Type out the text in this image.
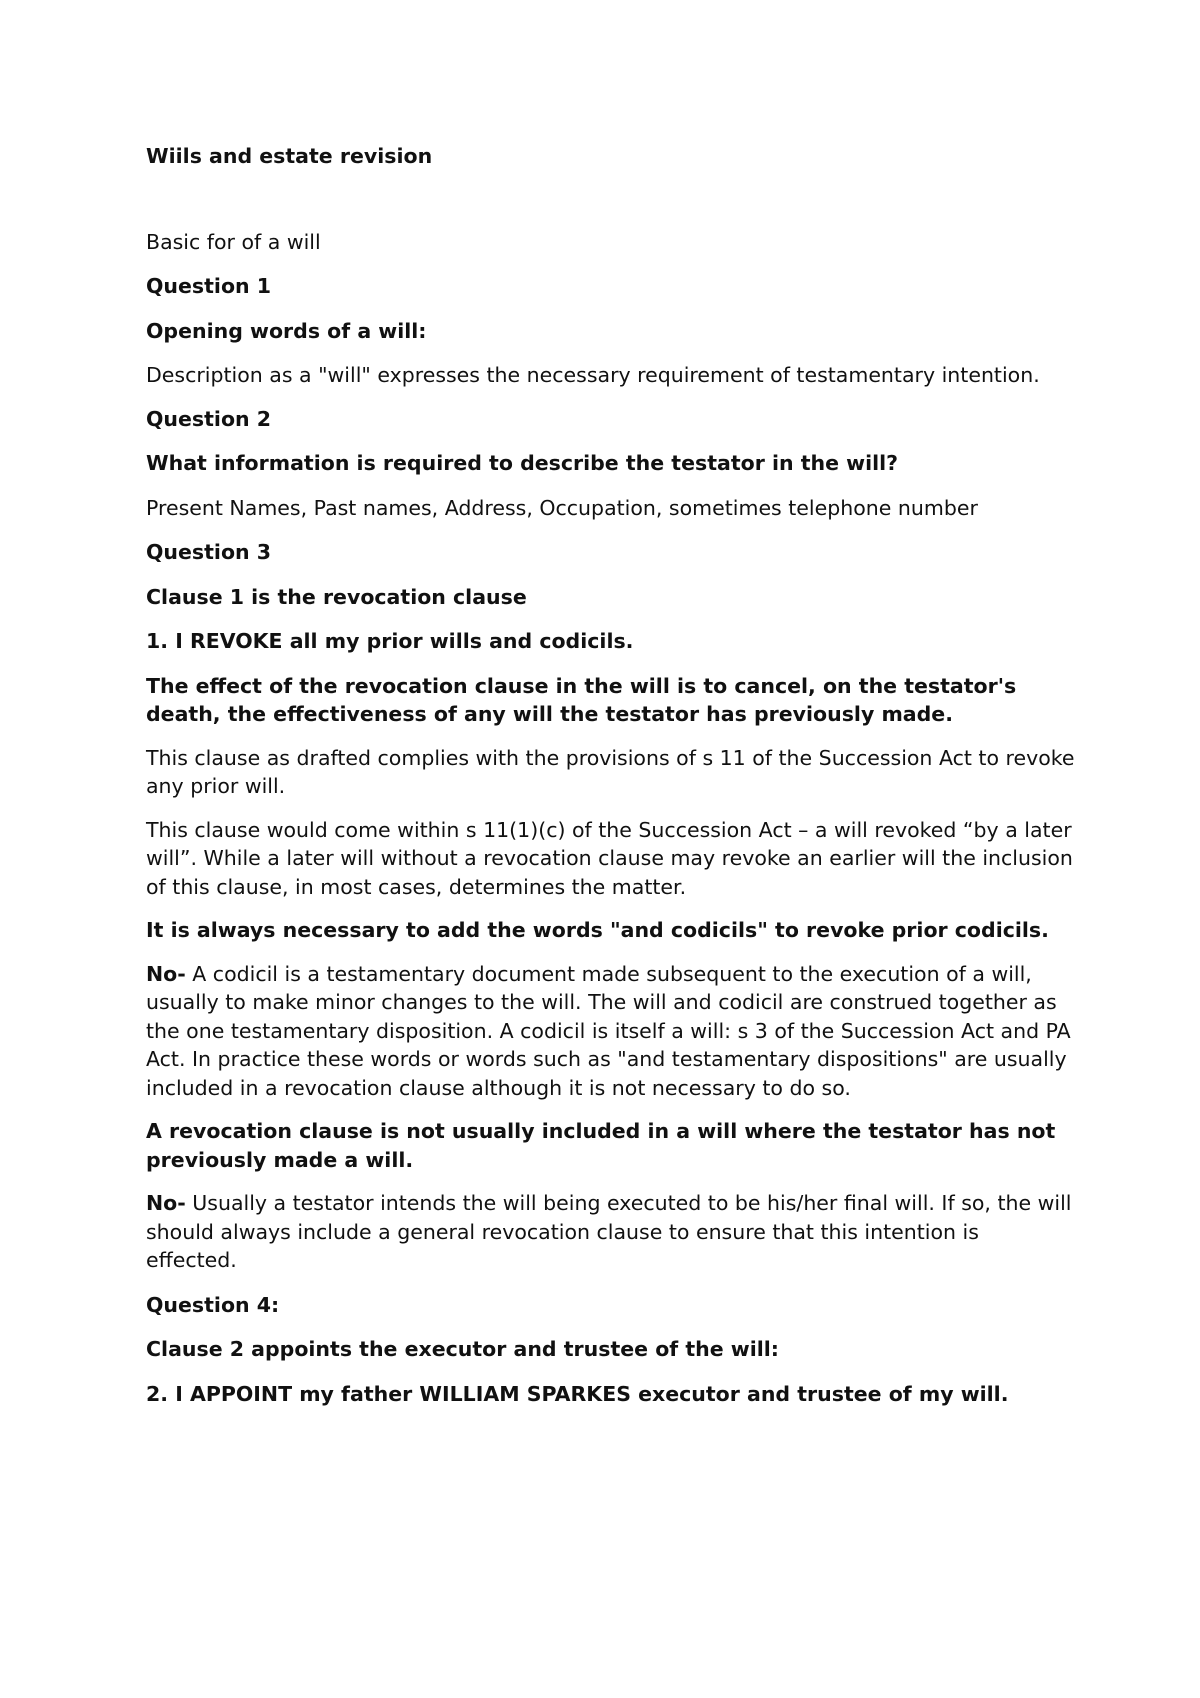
Wiils and estate revision

Basic for of a will

Question 1

Opening words of a will:

Description as a "will" expresses the necessary requirement of testamentary intention.

Question 2

What information is required to describe the testator in the will?

Present Names, Past names, Address, Occupation, sometimes telephone number

Question 3

Clause 1 is the revocation clause

1. I REVOKE all my prior wills and codicils.

The effect of the revocation clause in the will is to cancel, on the testator's death, the effectiveness of any will the testator has previously made.

This clause as drafted complies with the provisions of s 11 of the Succession Act to revoke any prior will.

This clause would come within s 11(1)(c) of the Succession Act – a will revoked “by a later will”. While a later will without a revocation clause may revoke an earlier will the inclusion of this clause, in most cases, determines the matter.

It is always necessary to add the words "and codicils" to revoke prior codicils.

No- A codicil is a testamentary document made subsequent to the execution of a will, usually to make minor changes to the will. The will and codicil are construed together as the one testamentary disposition. A codicil is itself a will: s 3 of the Succession Act and PA Act. In practice these words or words such as "and testamentary dispositions" are usually included in a revocation clause although it is not necessary to do so.

A revocation clause is not usually included in a will where the testator has not previously made a will.

No- Usually a testator intends the will being executed to be his/her final will. If so, the will should always include a general revocation clause to ensure that this intention is effected.

Question 4:

Clause 2 appoints the executor and trustee of the will:

2. I APPOINT my father WILLIAM SPARKES executor and trustee of my will.
